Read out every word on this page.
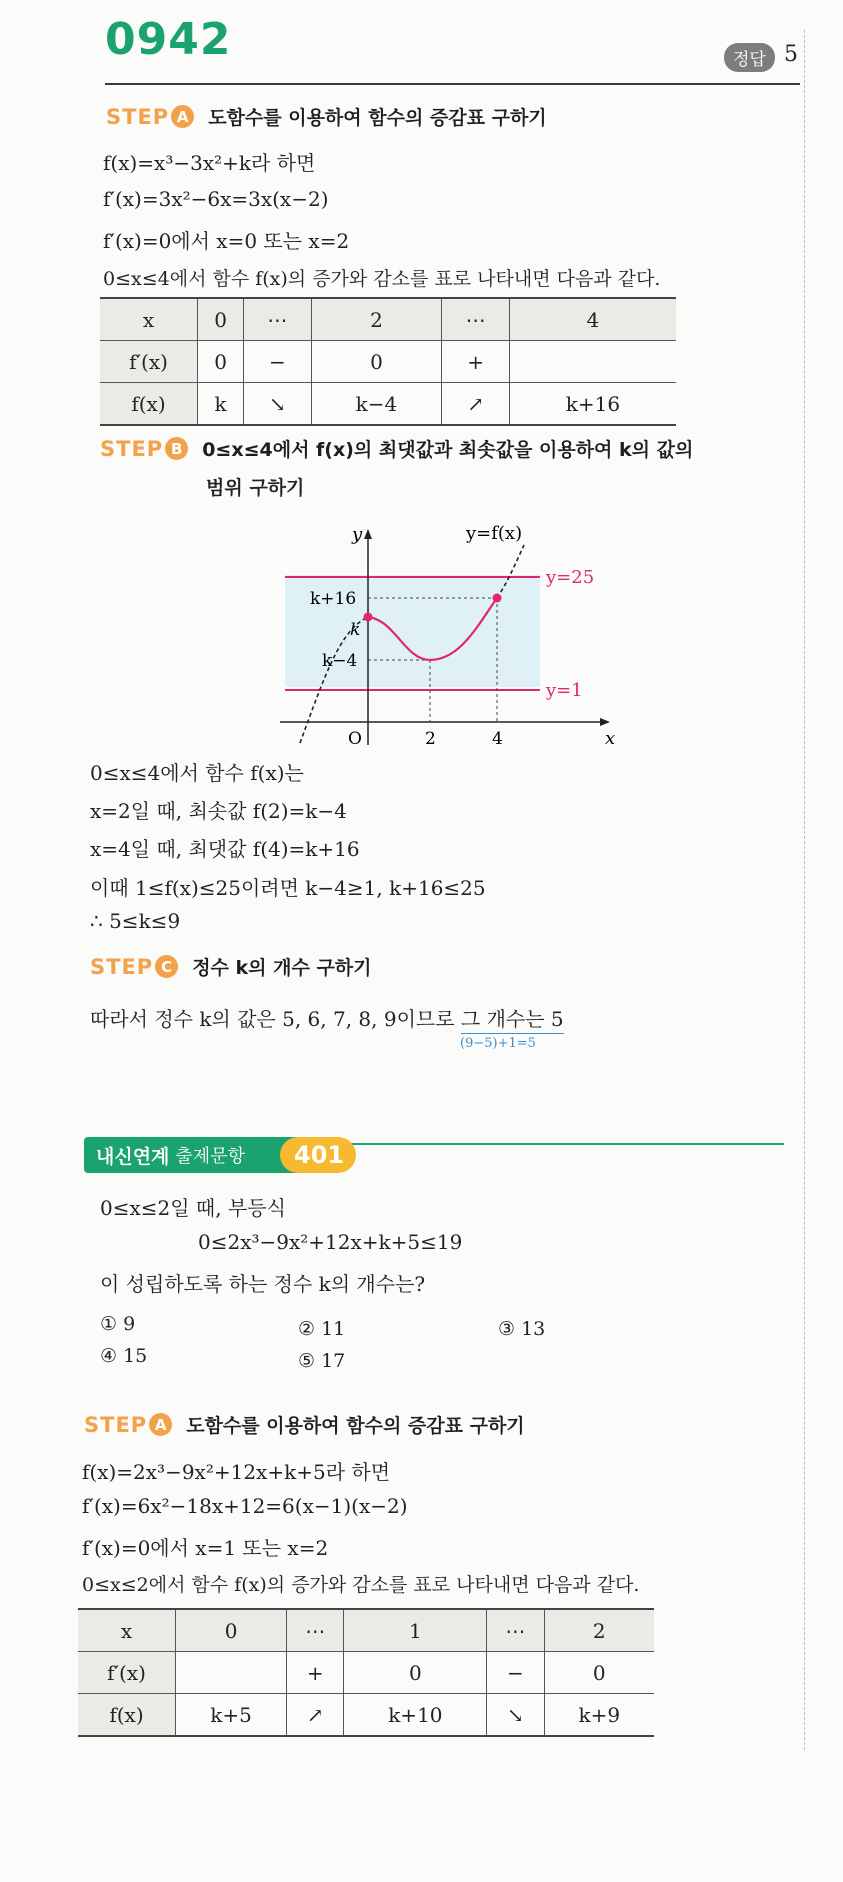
0942	정답 5
STEP A	도함수를 이용하여 함수의 증감표 구하기
f(x)=x³−3x²+k라 하면
f′(x)=3x²−6x=3x(x−2)
f′(x)=0에서 x=0 또는 x=2
0≤x≤4에서 함수 f(x)의 증가와 감소를 표로 나타내면 다음과 같다.
x	0	⋯	2	⋯	4
f′(x)	0	−	0	+	
f(x)	k	↘	k−4	↗	k+16
STEP B	0≤x≤4에서 f(x)의 최댓값과 최솟값을 이용하여 k의 값의
범위 구하기
y
x
O
y=f(x)
y=25
y=1
k+16
k
k−4
2	4
0≤x≤4에서 함수 f(x)는
x=2일 때, 최솟값 f(2)=k−4
x=4일 때, 최댓값 f(4)=k+16
이때 1≤f(x)≤25이려면 k−4≥1, k+16≤25
∴ 5≤k≤9
STEP C	정수 k의 개수 구하기
따라서 정수 k의 값은 5, 6, 7, 8, 9이므로 그 개수는 5
(9−5)+1=5
내신연계 출제문항 401
0≤x≤2일 때, 부등식
0≤2x³−9x²+12x+k+5≤19
이 성립하도록 하는 정수 k의 개수는?
① 9	② 11	③ 13
④ 15	⑤ 17
STEP A	도함수를 이용하여 함수의 증감표 구하기
f(x)=2x³−9x²+12x+k+5라 하면
f′(x)=6x²−18x+12=6(x−1)(x−2)
f′(x)=0에서 x=1 또는 x=2
0≤x≤2에서 함수 f(x)의 증가와 감소를 표로 나타내면 다음과 같다.
x	0	⋯	1	⋯	2
f′(x)		+	0	−	0
f(x)	k+5	↗	k+10	↘	k+9
